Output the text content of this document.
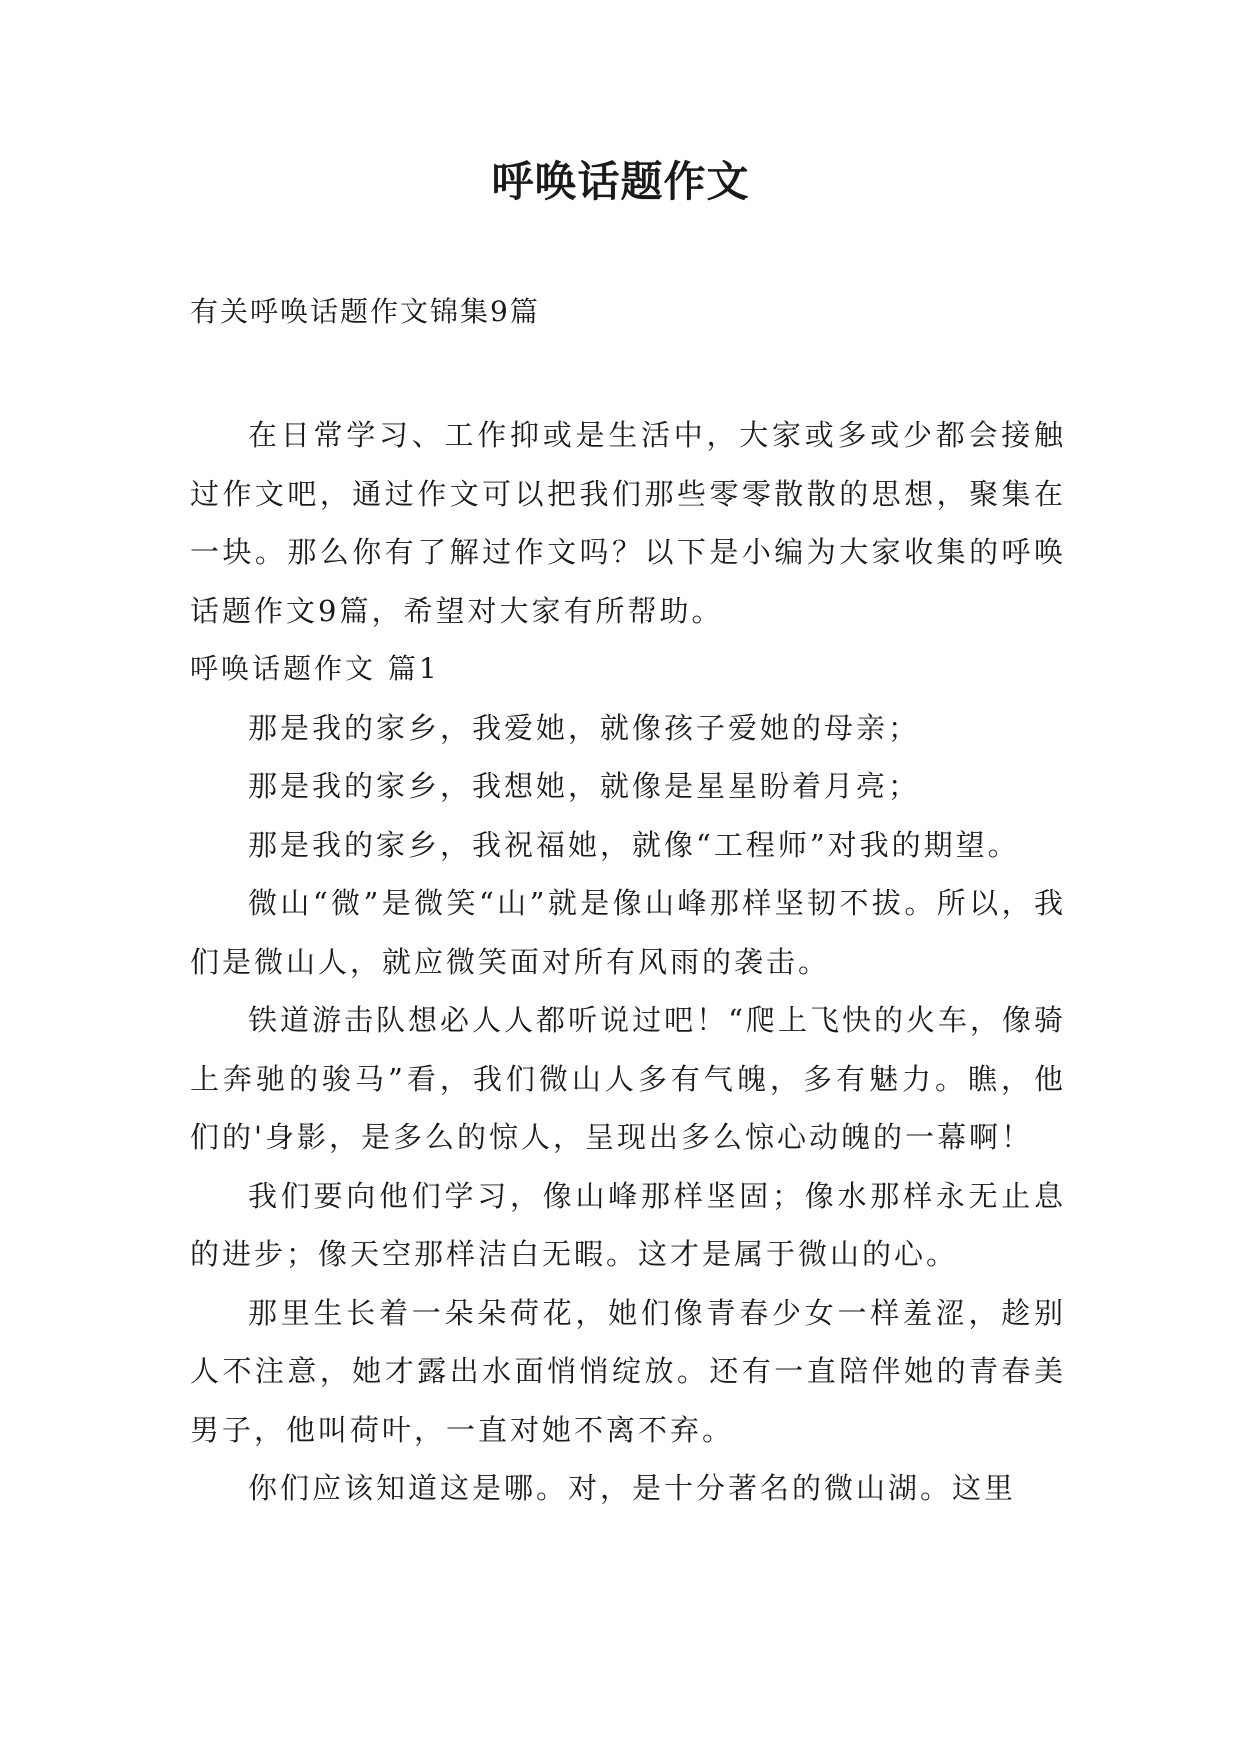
呼唤话题作文

有关呼唤话题作文锦集9篇

在日常学习、工作抑或是生活中，大家或多或少都会接触过作文吧，通过作文可以把我们那些零零散散的思想，聚集在一块。那么你有了解过作文吗？以下是小编为大家收集的呼唤话题作文9篇，希望对大家有所帮助。

呼唤话题作文 篇1

那是我的家乡，我爱她，就像孩子爱她的母亲；

那是我的家乡，我想她，就像是星星盼着月亮；

那是我的家乡，我祝福她，就像“工程师”对我的期望。

微山“微”是微笑“山”就是像山峰那样坚韧不拔。所以，我们是微山人，就应微笑面对所有风雨的袭击。

铁道游击队想必人人都听说过吧！“爬上飞快的火车，像骑上奔驰的骏马”看，我们微山人多有气魄，多有魅力。瞧，他们的'身影，是多么的惊人，呈现出多么惊心动魄的一幕啊！

我们要向他们学习，像山峰那样坚固；像水那样永无止息的进步；像天空那样洁白无暇。这才是属于微山的心。

那里生长着一朵朵荷花，她们像青春少女一样羞涩，趁别人不注意，她才露出水面悄悄绽放。还有一直陪伴她的青春美男子，他叫荷叶，一直对她不离不弃。

你们应该知道这是哪。对，是十分著名的微山湖。这里
